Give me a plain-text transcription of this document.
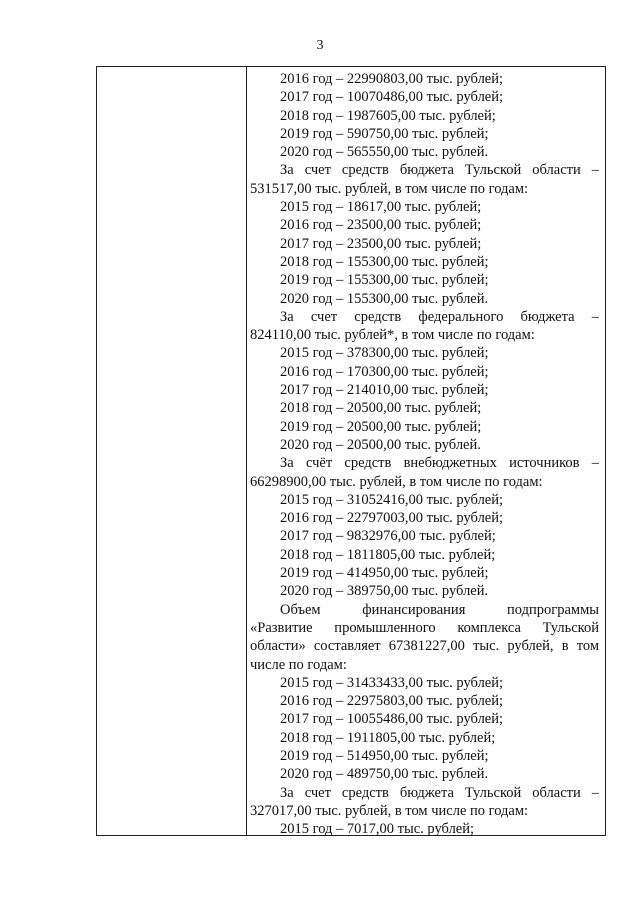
3
2016 год – 22990803,00 тыс. рублей;
2017 год – 10070486,00 тыс. рублей;
2018 год – 1987605,00 тыс. рублей;
2019 год – 590750,00 тыс. рублей;
2020 год – 565550,00 тыс. рублей.
За счет средств бюджета Тульской области –
531517,00 тыс. рублей, в том числе по годам:
2015 год – 18617,00 тыс. рублей;
2016 год – 23500,00 тыс. рублей;
2017 год – 23500,00 тыс. рублей;
2018 год – 155300,00 тыс. рублей;
2019 год – 155300,00 тыс. рублей;
2020 год – 155300,00 тыс. рублей.
За счет средств федерального бюджета –
824110,00 тыс. рублей*, в том числе по годам:
2015 год – 378300,00 тыс. рублей;
2016 год – 170300,00 тыс. рублей;
2017 год – 214010,00 тыс. рублей;
2018 год – 20500,00 тыс. рублей;
2019 год – 20500,00 тыс. рублей;
2020 год – 20500,00 тыс. рублей.
За счёт средств внебюджетных источников –
66298900,00 тыс. рублей, в том числе по годам:
2015 год – 31052416,00 тыс. рублей;
2016 год – 22797003,00 тыс. рублей;
2017 год – 9832976,00 тыс. рублей;
2018 год – 1811805,00 тыс. рублей;
2019 год – 414950,00 тыс. рублей;
2020 год – 389750,00 тыс. рублей.
Объем финансирования подпрограммы
«Развитие промышленного комплекса Тульской
области» составляет 67381227,00 тыс. рублей, в том
числе по годам:
2015 год – 31433433,00 тыс. рублей;
2016 год – 22975803,00 тыс. рублей;
2017 год – 10055486,00 тыс. рублей;
2018 год – 1911805,00 тыс. рублей;
2019 год – 514950,00 тыс. рублей;
2020 год – 489750,00 тыс. рублей.
За счет средств бюджета Тульской области –
327017,00 тыс. рублей, в том числе по годам:
2015 год – 7017,00 тыс. рублей;
